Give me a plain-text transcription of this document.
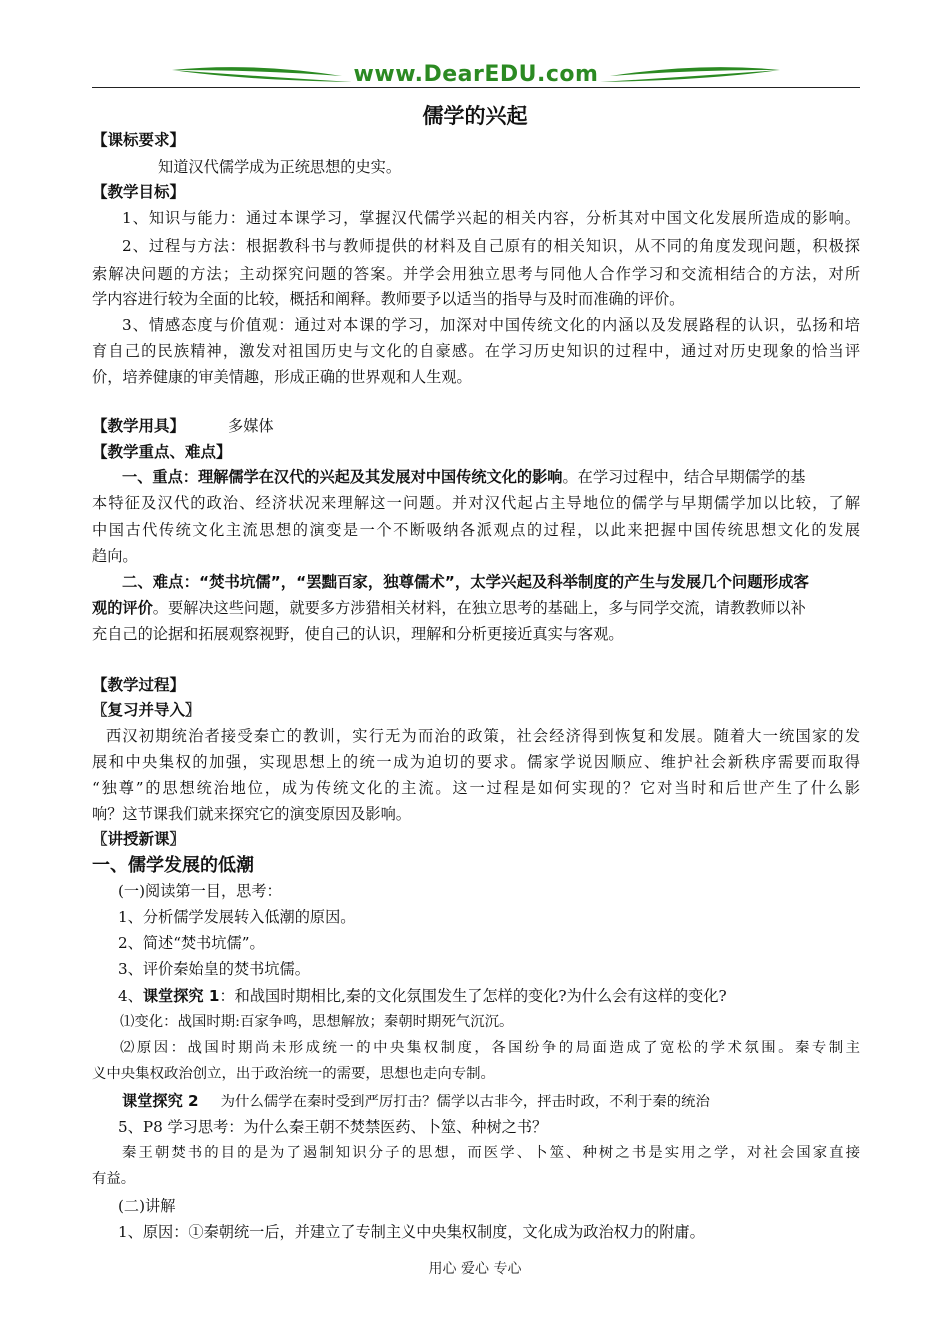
www.DearEDU.com
儒学的兴起
【课标要求】
知道汉代儒学成为正统思想的史实。
【教学目标】
1、知识与能力：通过本课学习，掌握汉代儒学兴起的相关内容，分析其对中国文化发展所造成的影响。
2、过程与方法：根据教科书与教师提供的材料及自己原有的相关知识，从不同的角度发现问题，积极探
索解决问题的方法；主动探究问题的答案。并学会用独立思考与同他人合作学习和交流相结合的方法，对所
学内容进行较为全面的比较，概括和阐释。教师要予以适当的指导与及时而准确的评价。
3、情感态度与价值观：通过对本课的学习，加深对中国传统文化的内涵以及发展路程的认识，弘扬和培
育自己的民族精神，激发对祖国历史与文化的自豪感。在学习历史知识的过程中，通过对历史现象的恰当评
价，培养健康的审美情趣，形成正确的世界观和人生观。
【教学用具】	多媒体
【教学重点、难点】
一、重点：理解儒学在汉代的兴起及其发展对中国传统文化的影响。在学习过程中，结合早期儒学的基
本特征及汉代的政治、经济状况来理解这一问题。并对汉代起占主导地位的儒学与早期儒学加以比较，了解
中国古代传统文化主流思想的演变是一个不断吸纳各派观点的过程，以此来把握中国传统思想文化的发展
趋向。
二、难点：“焚书坑儒”，“罢黜百家，独尊儒术”，太学兴起及科举制度的产生与发展几个问题形成客
观的评价。要解决这些问题，就要多方涉猎相关材料，在独立思考的基础上，多与同学交流，请教教师以补
充自己的论据和拓展观察视野，使自己的认识，理解和分析更接近真实与客观。
【教学过程】
〖复习并导入〗
西汉初期统治者接受秦亡的教训，实行无为而治的政策，社会经济得到恢复和发展。随着大一统国家的发
展和中央集权的加强，实现思想上的统一成为迫切的要求。儒家学说因顺应、维护社会新秩序需要而取得
“独尊”的思想统治地位，成为传统文化的主流。这一过程是如何实现的？它对当时和后世产生了什么影
响？这节课我们就来探究它的演变原因及影响。
〖讲授新课〗
一、儒学发展的低潮
(一)阅读第一目，思考：
1、分析儒学发展转入低潮的原因。
2、简述“焚书坑儒”。
3、评价秦始皇的焚书坑儒。
4、课堂探究 1：和战国时期相比,秦的文化氛围发生了怎样的变化?为什么会有这样的变化?
⑴变化：战国时期:百家争鸣，思想解放；秦朝时期死气沉沉。
⑵原因：战国时期尚未形成统一的中央集权制度，各国纷争的局面造成了宽松的学术氛围。秦专制主
义中央集权政治创立，出于政治统一的需要，思想也走向专制。
课堂探究 2 为什么儒学在秦时受到严厉打击？儒学以古非今，抨击时政，不利于秦的统治
5、P8 学习思考：为什么秦王朝不焚禁医药、卜筮、种树之书？
秦王朝焚书的目的是为了遏制知识分子的思想，而医学、卜筮、种树之书是实用之学，对社会国家直接
有益。
(二)讲解
1、原因：①秦朝统一后，并建立了专制主义中央集权制度，文化成为政治权力的附庸。
用心 爱心 专心
